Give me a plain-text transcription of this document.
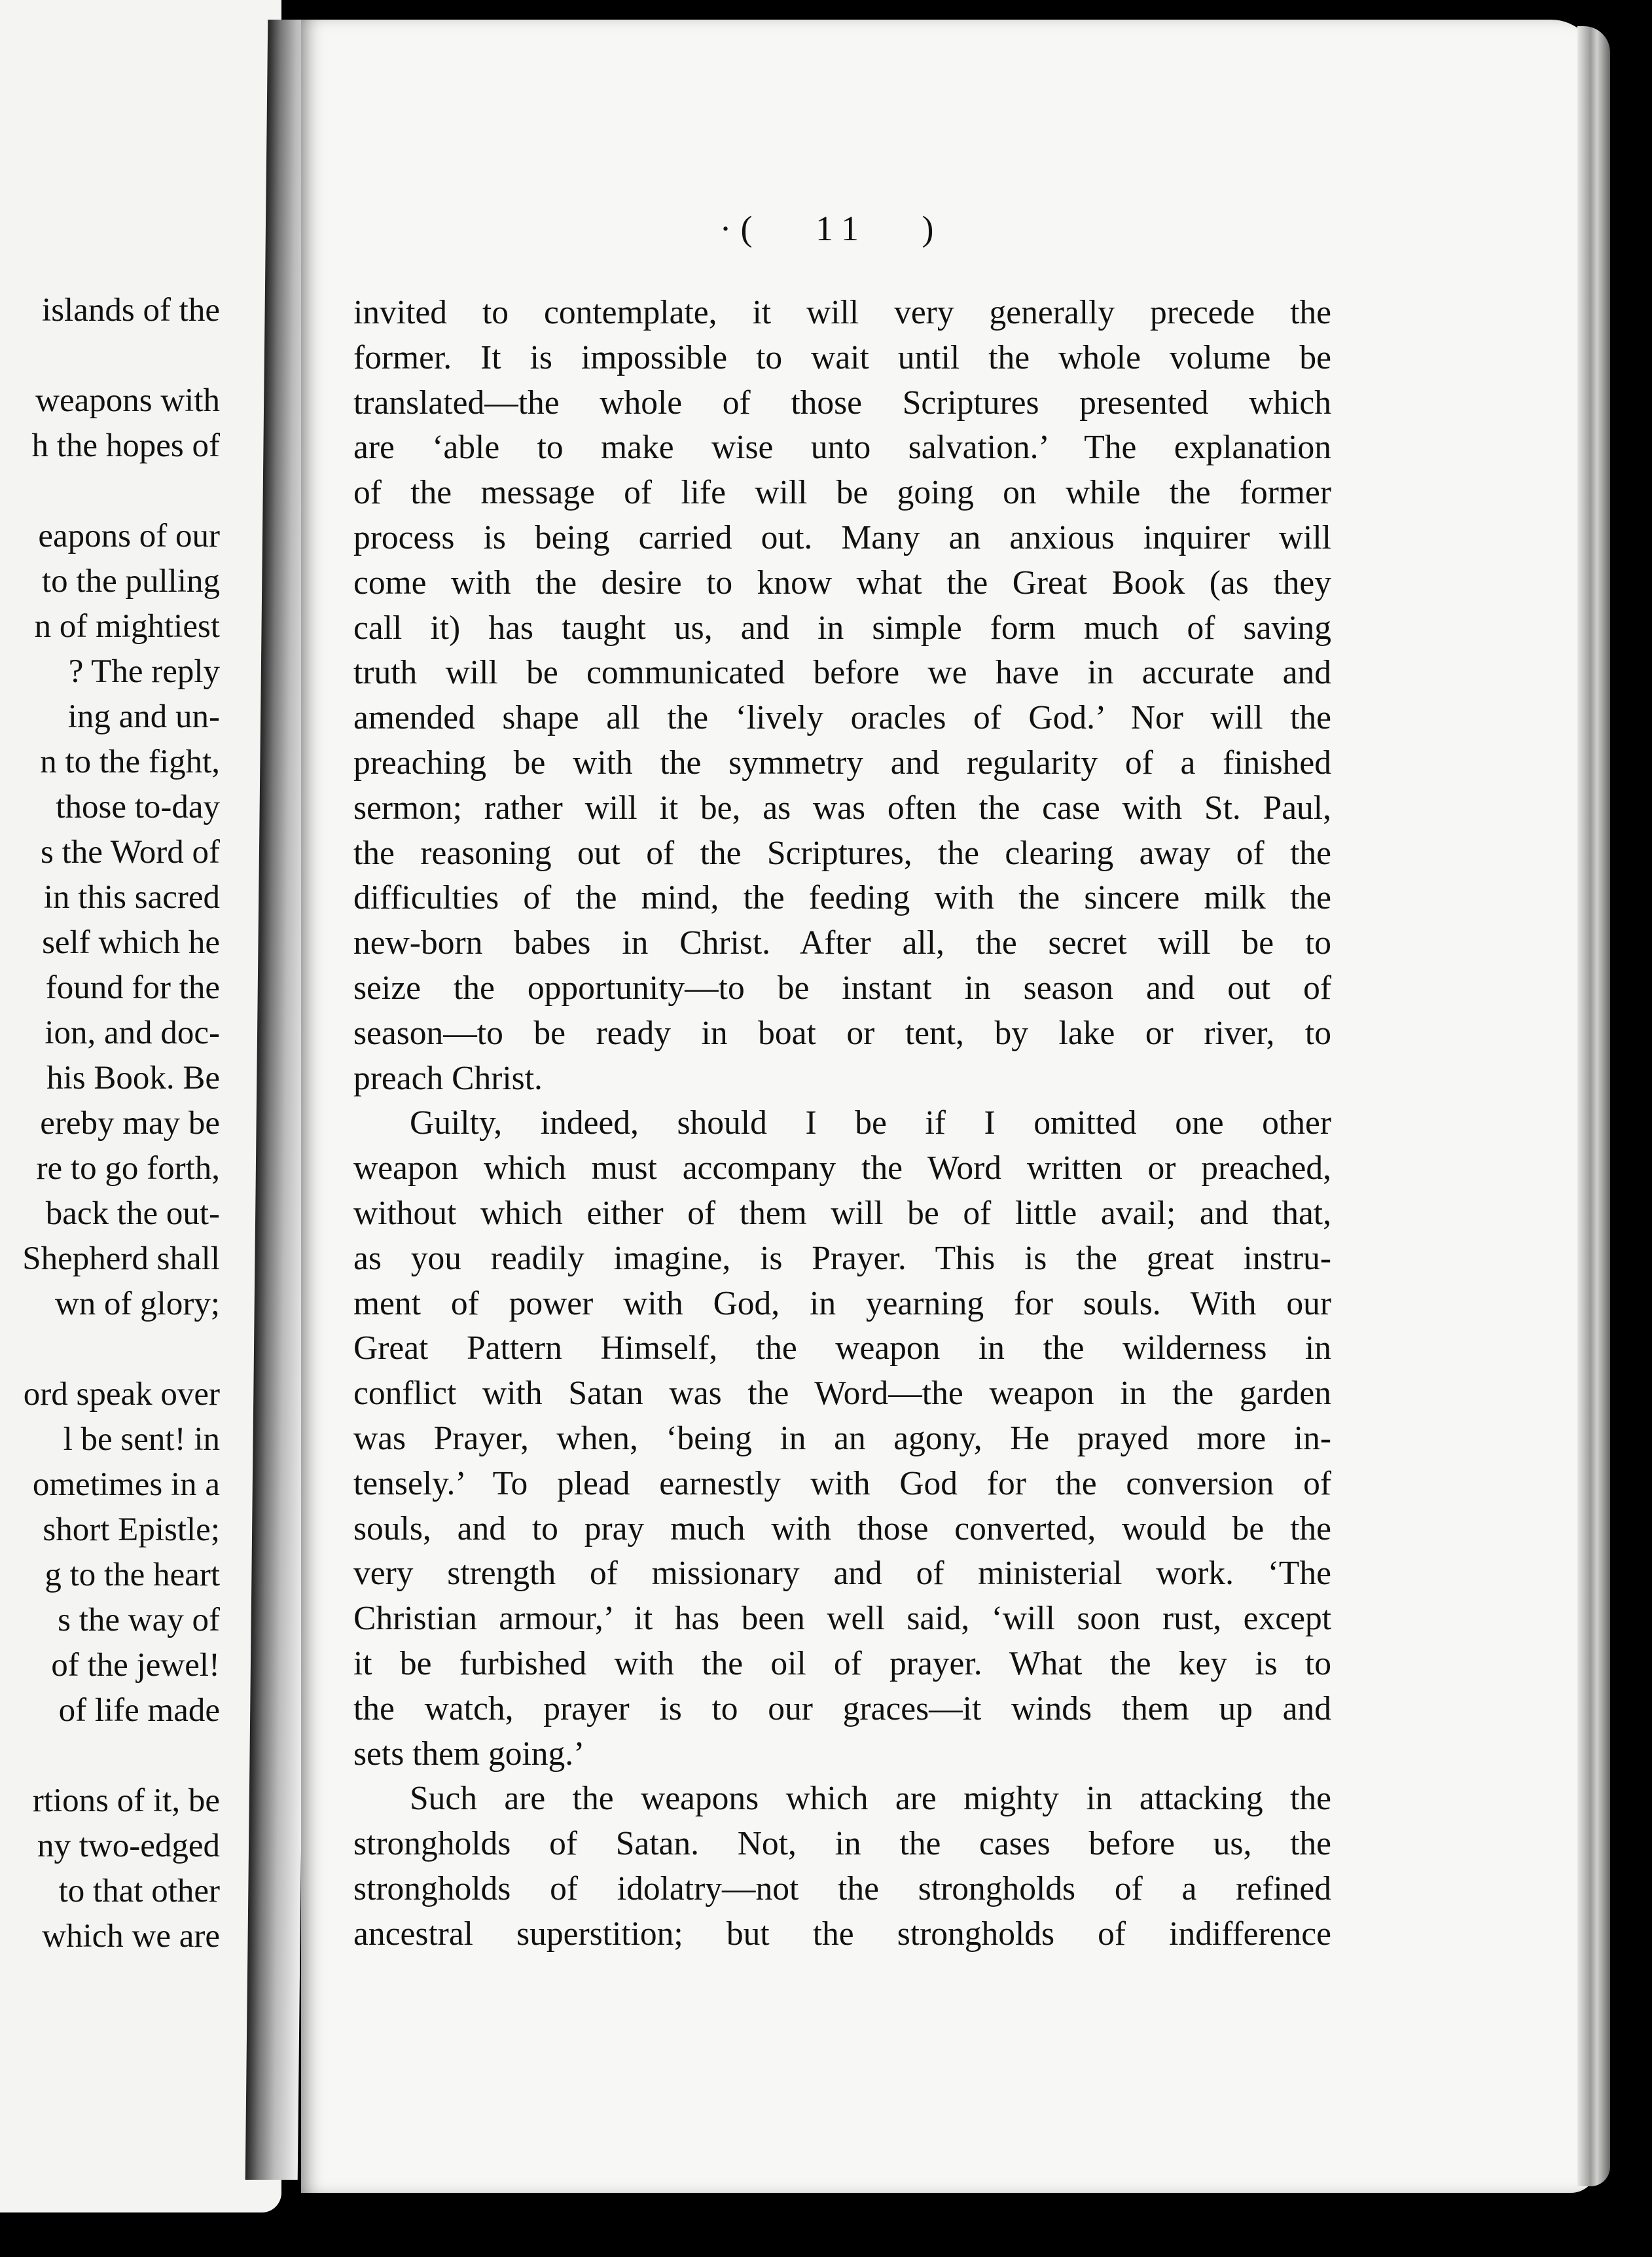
islands of the
weapons with
h the hopes of
eapons of our
to the pulling
n of mightiest
? The reply
ing and un-
n to the fight,
those to-day
s the Word of
in this sacred
self which he
found for the
ion, and doc-
his Book. Be
ereby may be
re to go forth,
back the out-
Shepherd shall
wn of glory;
ord speak over
l be sent! in
ometimes in a
short Epistle;
g to the heart
s the way of
of the jewel!
of life made
rtions of it, be
ny two-edged
to that other
which we are
·(   11   )
invited to contemplate, it will very generally precede the
former. It is impossible to wait until the whole volume be
translated—the whole of those Scriptures presented which
are ‘able to make wise unto salvation.’ The explanation
of the message of life will be going on while the former
process is being carried out. Many an anxious inquirer will
come with the desire to know what the Great Book (as they
call it) has taught us, and in simple form much of saving
truth will be communicated before we have in accurate and
amended shape all the ‘lively oracles of God.’ Nor will the
preaching be with the symmetry and regularity of a finished
sermon; rather will it be, as was often the case with St. Paul,
the reasoning out of the Scriptures, the clearing away of the
difficulties of the mind, the feeding with the sincere milk the
new-born babes in Christ. After all, the secret will be to
seize the opportunity—to be instant in season and out of
season—to be ready in boat or tent, by lake or river, to
preach Christ.
Guilty, indeed, should I be if I omitted one other
weapon which must accompany the Word written or preached,
without which either of them will be of little avail; and that,
as you readily imagine, is Prayer. This is the great instru-
ment of power with God, in yearning for souls. With our
Great Pattern Himself, the weapon in the wilderness in
conflict with Satan was the Word—the weapon in the garden
was Prayer, when, ‘being in an agony, He prayed more in-
tensely.’ To plead earnestly with God for the conversion of
souls, and to pray much with those converted, would be the
very strength of missionary and of ministerial work. ‘The
Christian armour,’ it has been well said, ‘will soon rust, except
it be furbished with the oil of prayer. What the key is to
the watch, prayer is to our graces—it winds them up and
sets them going.’
Such are the weapons which are mighty in attacking the
strongholds of Satan. Not, in the cases before us, the
strongholds of idolatry—not the strongholds of a refined
ancestral superstition; but the strongholds of indifference
